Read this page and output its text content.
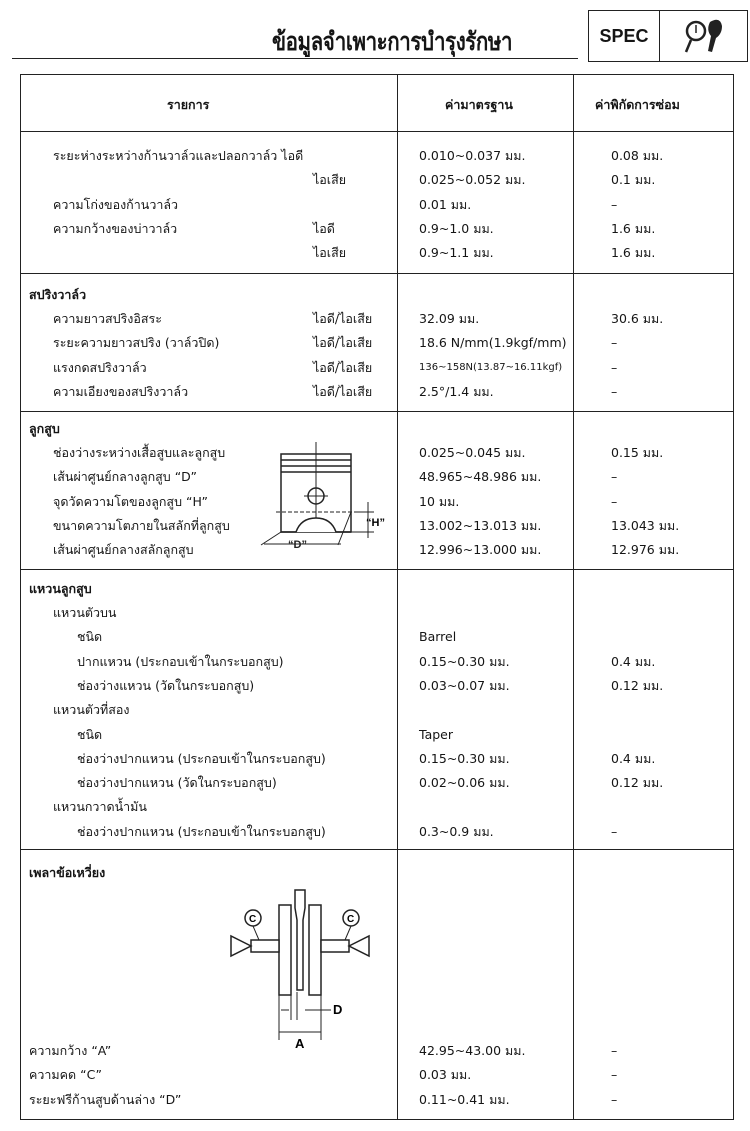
ข้อมูลจำเพาะการบำรุงรักษา	SPEC
รายการ	ค่ามาตรฐาน	ค่าพิกัดการซ่อม
ระยะห่างระหว่างก้านวาล์วและปลอกวาล์ว ไอดี	0.010~0.037 มม.	0.08 มม.
ไอเสีย	0.025~0.052 มม.	0.1 มม.
ความโก่งของก้านวาล์ว	0.01 มม.	–
ความกว้างของบ่าวาล์ว	ไอดี	0.9~1.0 มม.	1.6 มม.
ไอเสีย	0.9~1.1 มม.	1.6 มม.
สปริงวาล์ว
ความยาวสปริงอิสระ	ไอดี/ไอเสีย	32.09 มม.	30.6 มม.
ระยะความยาวสปริง (วาล์วปิด)	ไอดี/ไอเสีย	18.6 N/mm(1.9kgf/mm)	–
แรงกดสปริงวาล์ว	ไอดี/ไอเสีย	136~158N(13.87~16.11kgf)	–
ความเอียงของสปริงวาล์ว	ไอดี/ไอเสีย	2.5°/1.4 มม.	–
ลูกสูบ
ช่องว่างระหว่างเสื้อสูบและลูกสูบ	0.025~0.045 มม.	0.15 มม.
เส้นผ่าศูนย์กลางลูกสูบ “D”	48.965~48.986 มม.	–
จุดวัดความโตของลูกสูบ “H”	10 มม.	–
ขนาดความโตภายในสลักที่ลูกสูบ	13.002~13.013 มม.	13.043 มม.
เส้นผ่าศูนย์กลางสลักลูกสูบ	12.996~13.000 มม.	12.976 มม.
แหวนลูกสูบ
แหวนตัวบน
ชนิด	Barrel
ปากแหวน (ประกอบเข้าในกระบอกสูบ)	0.15~0.30 มม.	0.4 มม.
ช่องว่างแหวน (วัดในกระบอกสูบ)	0.03~0.07 มม.	0.12 มม.
แหวนตัวที่สอง
ชนิด	Taper
ช่องว่างปากแหวน (ประกอบเข้าในกระบอกสูบ)	0.15~0.30 มม.	0.4 มม.
ช่องว่างปากแหวน (วัดในกระบอกสูบ)	0.02~0.06 มม.	0.12 มม.
แหวนกวาดน้ำมัน
ช่องว่างปากแหวน (ประกอบเข้าในกระบอกสูบ)	0.3~0.9 มม.	–
เพลาข้อเหวี่ยง
ความกว้าง “A”	42.95~43.00 มม.	–
ความคด “C”	0.03 มม.	–
ระยะฟรีก้านสูบด้านล่าง “D”	0.11~0.41 มม.	–
“H”
“D”
C	C
D
A
